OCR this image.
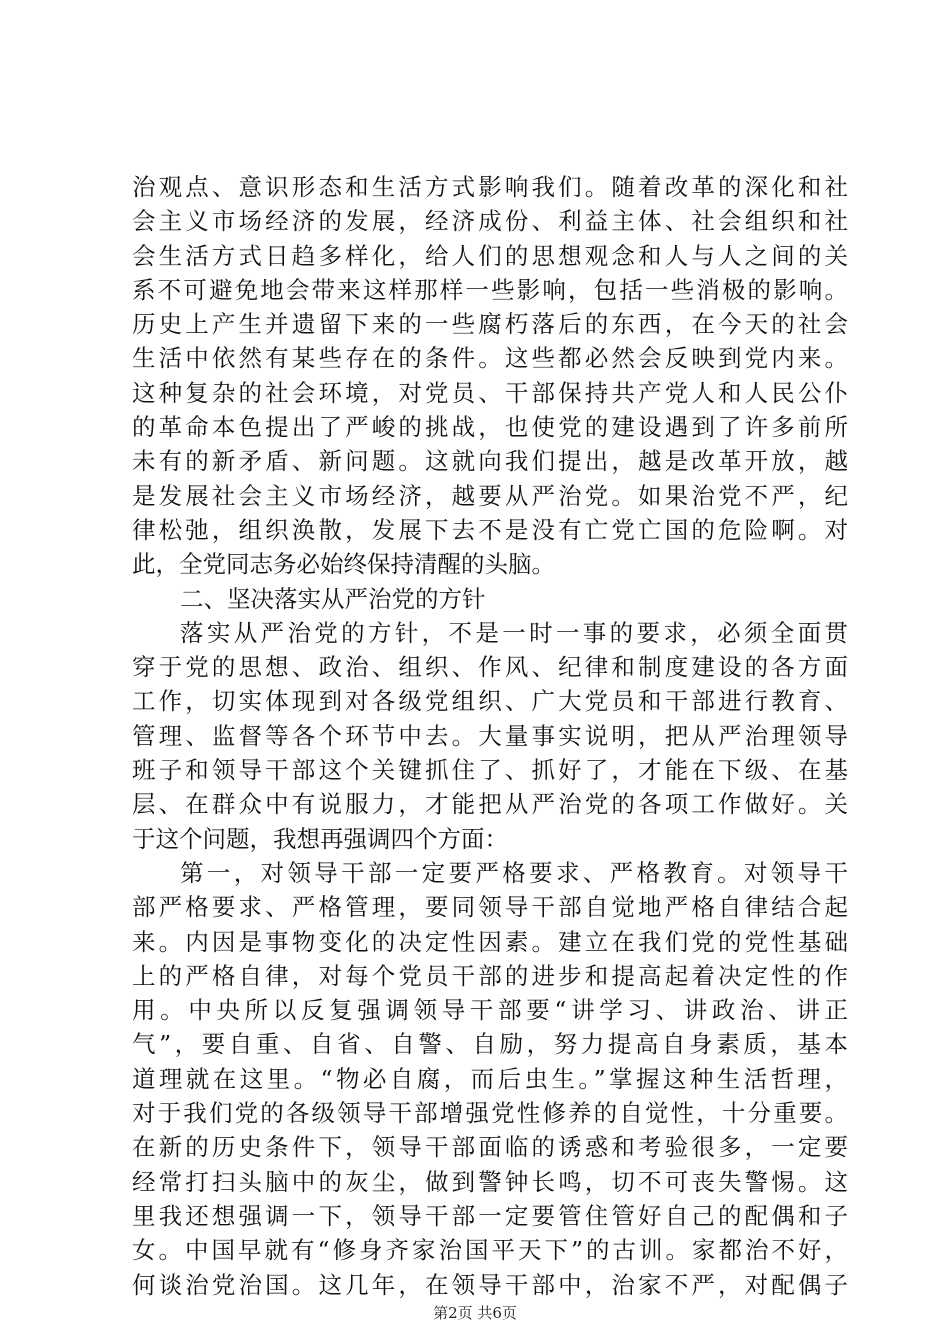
治观点、意识形态和生活方式影响我们。随着改革的深化和社
会主义市场经济的发展，经济成份、利益主体、社会组织和社
会生活方式日趋多样化，给人们的思想观念和人与人之间的关
系不可避免地会带来这样那样一些影响，包括一些消极的影响。
历史上产生并遗留下来的一些腐朽落后的东西，在今天的社会
生活中依然有某些存在的条件。这些都必然会反映到党内来。
这种复杂的社会环境，对党员、干部保持共产党人和人民公仆
的革命本色提出了严峻的挑战，也使党的建设遇到了许多前所
未有的新矛盾、新问题。这就向我们提出，越是改革开放，越
是发展社会主义市场经济，越要从严治党。如果治党不严，纪
律松弛，组织涣散，发展下去不是没有亡党亡国的危险啊。对
此，全党同志务必始终保持清醒的头脑。
二、坚决落实从严治党的方针
落实从严治党的方针，不是一时一事的要求，必须全面贯
穿于党的思想、政治、组织、作风、纪律和制度建设的各方面
工作，切实体现到对各级党组织、广大党员和干部进行教育、
管理、监督等各个环节中去。大量事实说明，把从严治理领导
班子和领导干部这个关键抓住了、抓好了，才能在下级、在基
层、在群众中有说服力，才能把从严治党的各项工作做好。关
于这个问题，我想再强调四个方面：
第一，对领导干部一定要严格要求、严格教育。对领导干
部严格要求、严格管理，要同领导干部自觉地严格自律结合起
来。内因是事物变化的决定性因素。建立在我们党的党性基础
上的严格自律，对每个党员干部的进步和提高起着决定性的作
用。中央所以反复强调领导干部要“讲学习、讲政治、讲正
气”，要自重、自省、自警、自励，努力提高自身素质，基本
道理就在这里。“物必自腐，而后虫生。”掌握这种生活哲理，
对于我们党的各级领导干部增强党性修养的自觉性，十分重要。
在新的历史条件下，领导干部面临的诱惑和考验很多，一定要
经常打扫头脑中的灰尘，做到警钟长鸣，切不可丧失警惕。这
里我还想强调一下，领导干部一定要管住管好自己的配偶和子
女。中国早就有“修身齐家治国平天下”的古训。家都治不好，
何谈治党治国。这几年，在领导干部中，治家不严，对配偶子
第2页 共6页
